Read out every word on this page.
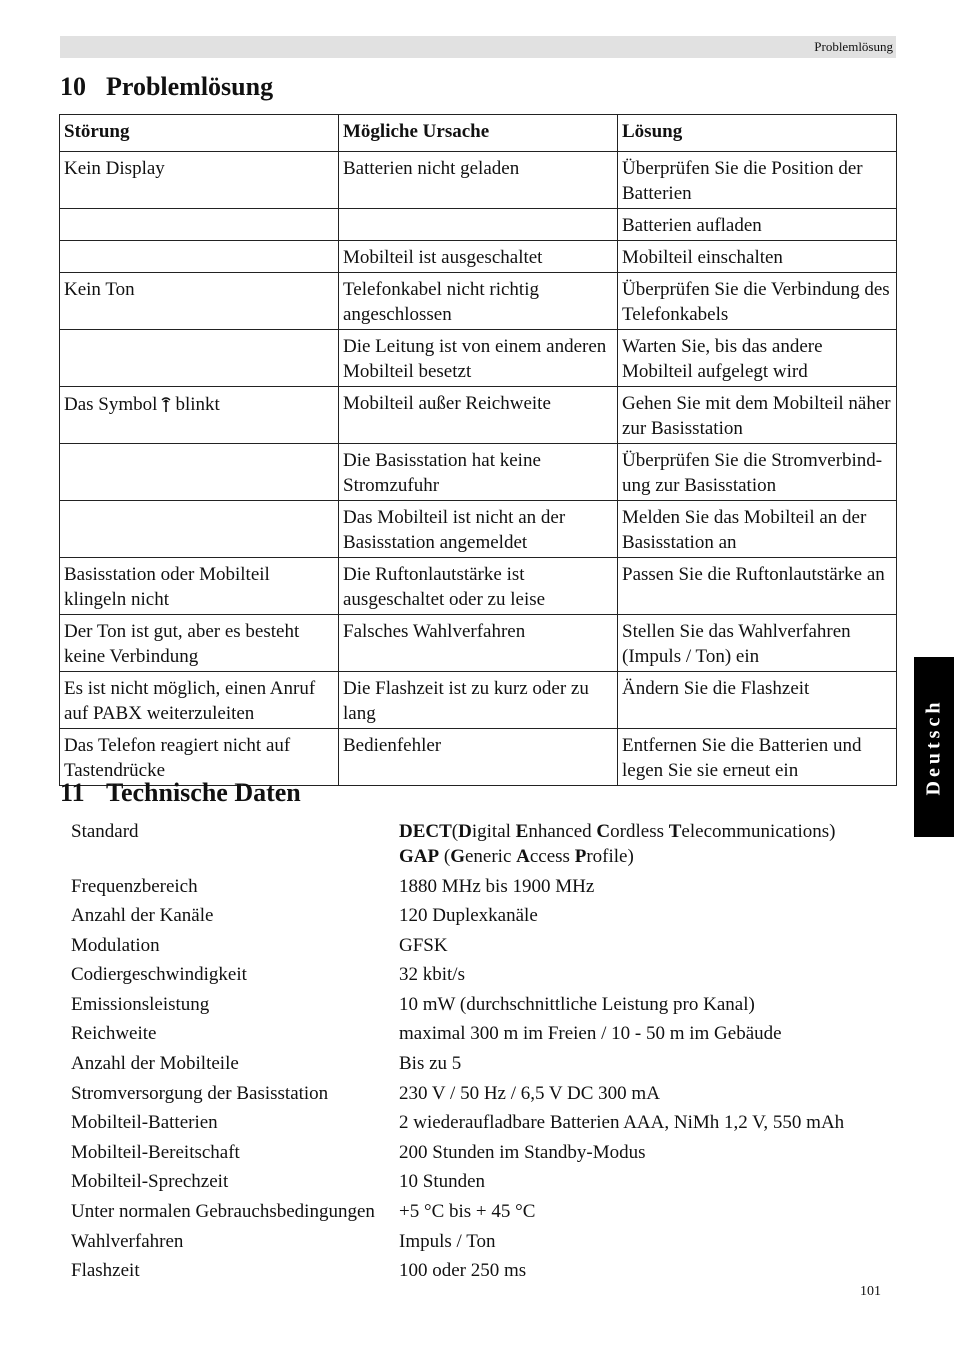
Problemlösung
10 Problemlösung
Störung	Mögliche Ursache	Lösung
Kein Display	Batterien nicht geladen	Überprüfen Sie die Position der Batterien
		Batterien aufladen
	Mobilteil ist ausgeschaltet	Mobilteil einschalten
Kein Ton	Telefonkabel nicht richtig angeschlossen	Überprüfen Sie die Verbindung des Telefonkabels
	Die Leitung ist von einem anderen Mobilteil besetzt	Warten Sie, bis das andere Mobilteil aufgelegt wird
Das Symbol blinkt	Mobilteil außer Reichweite	Gehen Sie mit dem Mobilteil näher zur Basisstation
	Die Basisstation hat keine Stromzufuhr	Überprüfen Sie die Stromverbind-ung zur Basisstation
	Das Mobilteil ist nicht an der Basisstation angemeldet	Melden Sie das Mobilteil an der Basisstation an
Basisstation oder Mobilteil klingeln nicht	Die Ruftonlautstärke ist ausgeschaltet oder zu leise	Passen Sie die Ruftonlautstärke an
Der Ton ist gut, aber es besteht keine Verbindung	Falsches Wahlverfahren	Stellen Sie das Wahlverfahren (Impuls / Ton) ein
Es ist nicht möglich, einen Anruf auf PABX weiterzuleiten	Die Flashzeit ist zu kurz oder zu lang	Ändern Sie die Flashzeit
Das Telefon reagiert nicht auf Tastendrücke	Bedienfehler	Entfernen Sie die Batterien und legen Sie sie erneut ein
11 Technische Daten
Standard	DECT(Digital Enhanced Cordless Telecommunications)
GAP (Generic Access Profile)
Frequenzbereich	1880 MHz bis 1900 MHz
Anzahl der Kanäle	120 Duplexkanäle
Modulation	GFSK
Codiergeschwindigkeit	32 kbit/s
Emissionsleistung	10 mW (durchschnittliche Leistung pro Kanal)
Reichweite	maximal 300 m im Freien / 10 - 50 m im Gebäude
Anzahl der Mobilteile	Bis zu 5
Stromversorgung der Basisstation	230 V / 50 Hz / 6,5 V DC 300 mA
Mobilteil-Batterien	2 wiederaufladbare Batterien AAA, NiMh 1,2 V, 550 mAh
Mobilteil-Bereitschaft	200 Stunden im Standby-Modus
Mobilteil-Sprechzeit	10 Stunden
Unter normalen Gebrauchsbedingungen	+5 °C bis + 45 °C
Wahlverfahren	Impuls / Ton
Flashzeit	100 oder 250 ms
Deutsch
101
